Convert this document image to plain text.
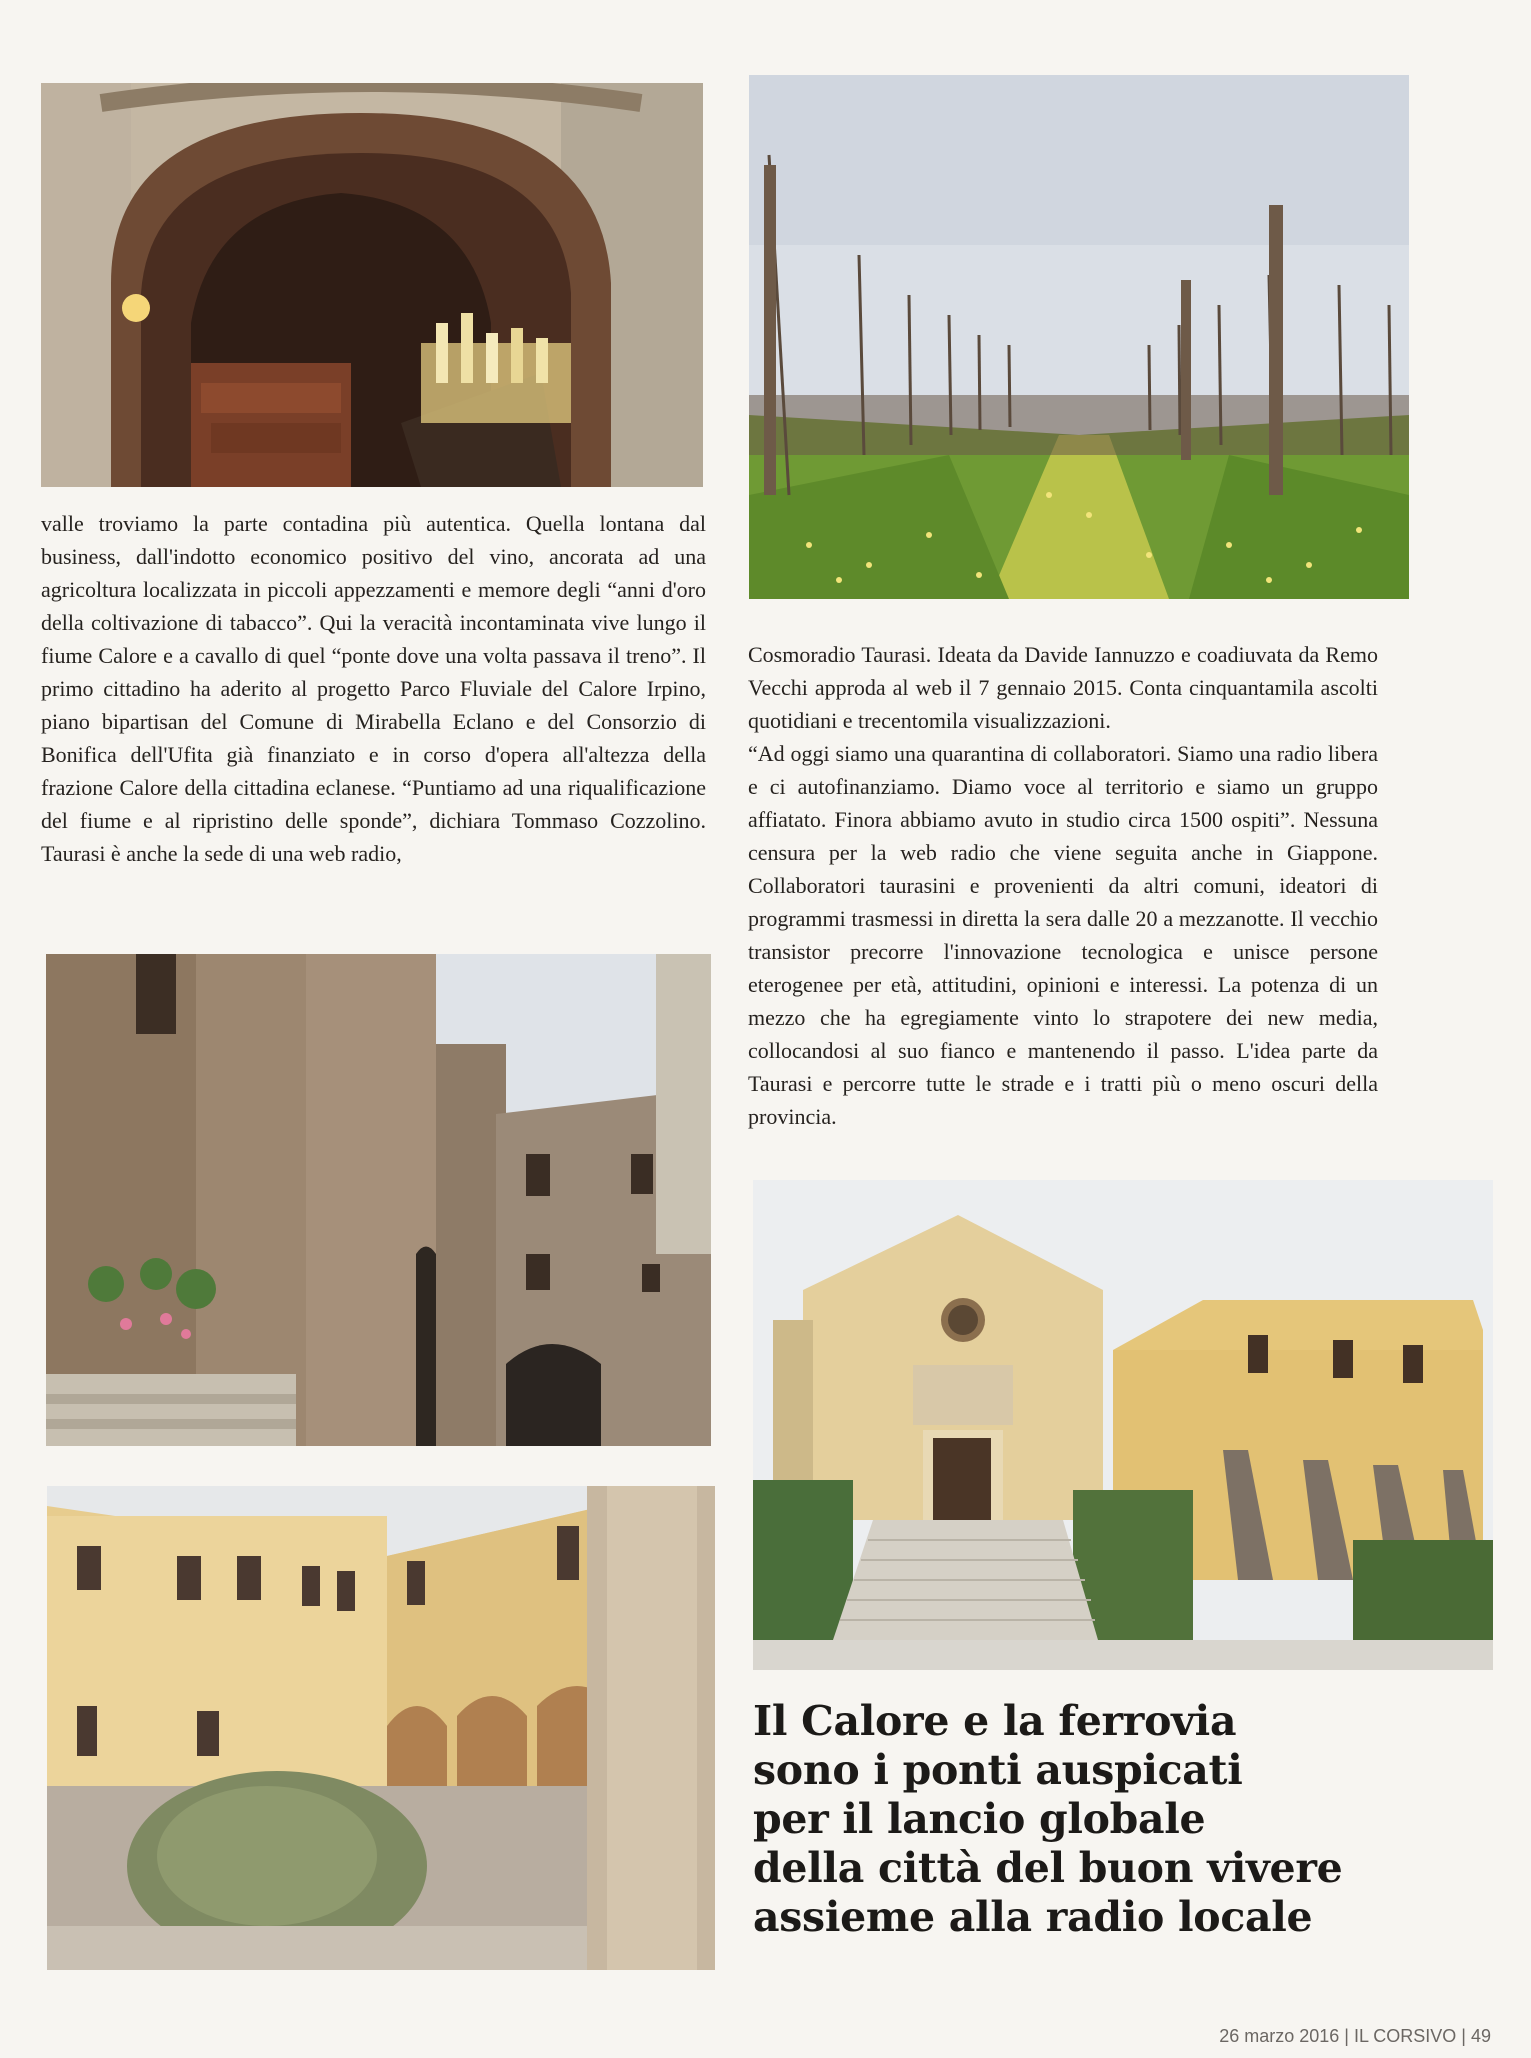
valle troviamo la parte contadina più autentica. Quella lontana dal business, dall'indotto economico positivo del vino, ancorata ad una agricoltura localizzata in piccoli appezzamenti e memore degli “anni d'oro della coltivazione di tabacco”. Qui la veracità incontaminata vive lungo il fiume Calore e a cavallo di quel “ponte dove una volta passava il treno”. Il primo cittadino ha aderito al progetto Parco Fluviale del Calore Irpino, piano bipartisan del Comune di Mirabella Eclano e del Consorzio di Bonifica dell'Ufita già finanziato e in corso d'opera all'altezza della frazione Calore della cittadina eclanese. “Puntiamo ad una riqualificazione del fiume e al ripristino delle sponde”, dichiara Tommaso Cozzolino. Taurasi è anche la sede di una web radio,

Cosmoradio Taurasi. Ideata da Davide Iannuzzo e coadiuvata da Remo Vecchi approda al web il 7 gennaio 2015. Conta cinquantamila ascolti quotidiani e trecentomila visualizzazioni.

“Ad oggi siamo una quarantina di collaboratori. Siamo una radio libera e ci autofinanziamo. Diamo voce al territorio e siamo un gruppo affiatato. Finora abbiamo avuto in studio circa 1500 ospiti”. Nessuna censura per la web radio che viene seguita anche in Giappone. Collaboratori taurasini e provenienti da altri comuni, ideatori di programmi trasmessi in diretta la sera dalle 20 a mezzanotte. Il vecchio transistor precorre l'innovazione tecnologica e unisce persone eterogenee per età, attitudini, opinioni e interessi. La potenza di un mezzo che ha egregiamente vinto lo strapotere dei new media, collocandosi al suo fianco e mantenendo il passo. L'idea parte da Taurasi e percorre tutte le strade e i tratti più o meno oscuri della provincia.

Il Calore e la ferrovia
sono i ponti auspicati
per il lancio globale
della città del buon vivere
assieme alla radio locale
26 marzo 2016 | IL CORSIVO | 49
